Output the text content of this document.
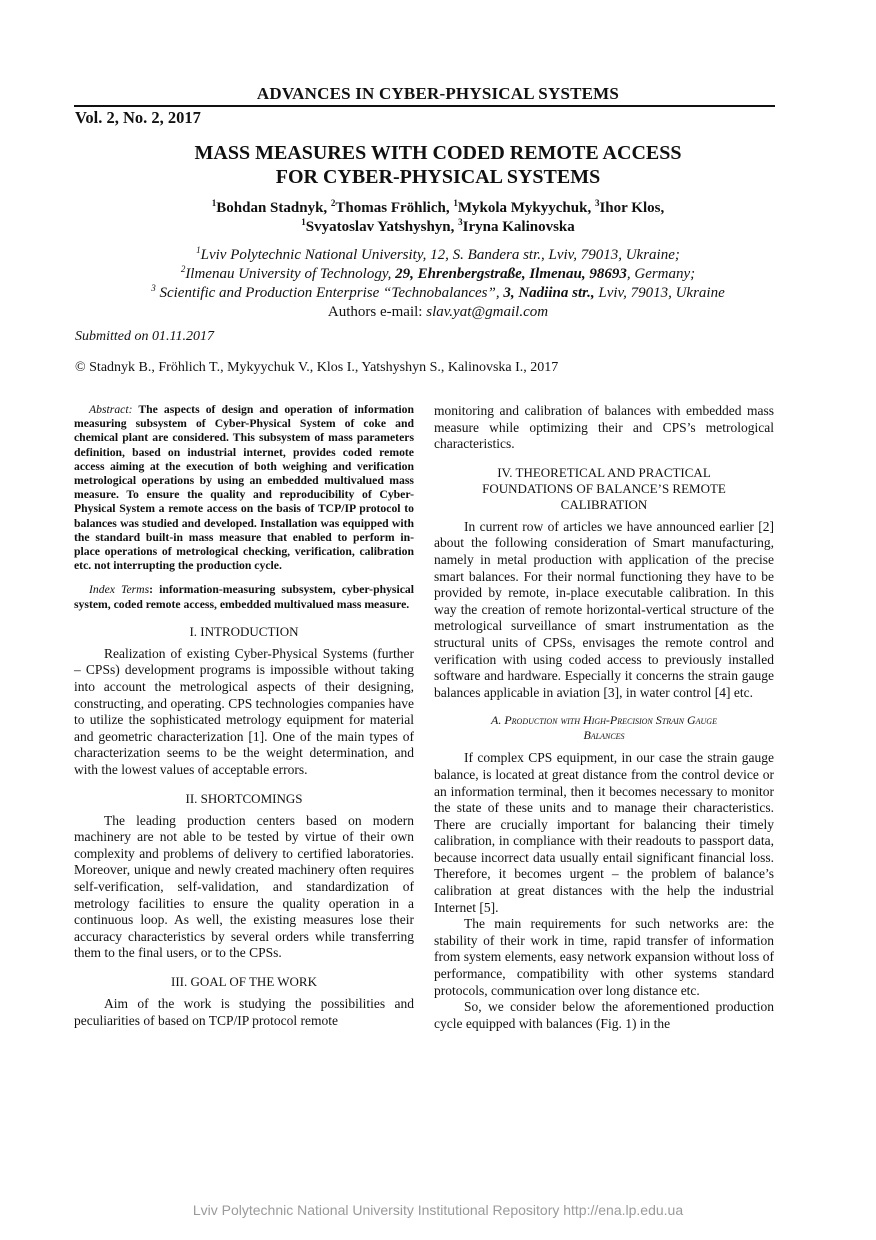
ADVANCES IN CYBER-PHYSICAL SYSTEMS
Vol. 2, No. 2, 2017
MASS MEASURES WITH CODED REMOTE ACCESS
FOR CYBER-PHYSICAL SYSTEMS
$^1$Bohdan Stadnyk, $^2$Thomas Fröhlich, $^1$Mykola Mykyychuk, $^3$Ihor Klos,
$^1$Svyatoslav Yatshyshyn, $^3$Iryna Kalinovska
$^1$Lviv Polytechnic National University, 12, S. Bandera str., Lviv, 79013, Ukraine;
$^2$Ilmenau University of Technology, 29, Ehrenbergstraße, Ilmenau, 98693, Germany;
$^3$ Scientific and Production Enterprise “Technobalances”, 3, Nadiina str., Lviv, 79013, Ukraine
Authors e-mail: slav.yat@gmail.com
Submitted on 01.11.2017
© Stadnyk B., Fröhlich T., Mykyychuk V., Klos I., Yatshyshyn S., Kalinovska I., 2017

Abstract: The aspects of design and operation of information measuring subsystem of Cyber-Physical System of coke and chemical plant are considered. This subsystem of mass parameters definition, based on industrial internet, provides coded remote access aiming at the execution of both weighing and verification metrological operations by using an embedded multivalued mass measure. To ensure the quality and reproducibility of Cyber-Physical System a remote access on the basis of TCP/IP protocol to balances was studied and developed. Installation was equipped with the standard built-in mass measure that enabled to perform in-place operations of metrological checking, verification, calibration etc. not interrupting the production cycle.

Index Terms: information-measuring subsystem, cyber-physical system, coded remote access, embedded multivalued mass measure.

I. INTRODUCTION

Realization of existing Cyber-Physical Systems (further – CPSs) development programs is impossible without taking into account the metrological aspects of their designing, constructing, and operating. CPS technologies companies have to utilize the sophisticated metrology equipment for material and geometric characterization [1]. One of the main types of characterization seems to be the weight determination, and with the lowest values of acceptable errors.

II. SHORTCOMINGS

The leading production centers based on modern machinery are not able to be tested by virtue of their own complexity and problems of delivery to certified laboratories. Moreover, unique and newly created machinery often requires self-verification, self-validation, and standardization of metrology facilities to ensure the quality operation in a continuous loop. As well, the existing measures lose their accuracy characteristics by several orders while transferring them to the final users, or to the CPSs.

III. GOAL OF THE WORK

Aim of the work is studying the possibilities and peculiarities of based on TCP/IP protocol remote

monitoring and calibration of balances with embedded mass measure while optimizing their and CPS’s metrological characteristics.

IV. THEORETICAL AND PRACTICAL
FOUNDATIONS OF BALANCE’S REMOTE
CALIBRATION

In current row of articles we have announced earlier [2] about the following consideration of Smart manufacturing, namely in metal production with application of the precise smart balances. For their normal functioning they have to be provided by remote, in-place executable calibration. In this way the creation of remote horizontal-vertical structure of the metrological surveillance of smart instrumentation as the structural units of CPSs, envisages the remote control and verification with using coded access to previously installed software and hardware. Especially it concerns the strain gauge balances applicable in aviation [3], in water control [4] etc.

A. Production with High-Precision Strain Gauge
Balances

If complex CPS equipment, in our case the strain gauge balance, is located at great distance from the control device or an information terminal, then it becomes necessary to monitor the state of these units and to manage their characteristics. There are crucially important for balancing their timely calibration, in compliance with their readouts to passport data, because incorrect data usually entail significant financial loss. Therefore, it becomes urgent – the problem of balance’s calibration at great distances with the help the industrial Internet [5].

The main requirements for such networks are: the stability of their work in time, rapid transfer of information from system elements, easy network expansion without loss of performance, compatibility with other systems standard protocols, communication over long distance etc.

So, we consider below the aforementioned production cycle equipped with balances (Fig. 1) in the

Lviv Polytechnic National University Institutional Repository http://ena.lp.edu.ua
